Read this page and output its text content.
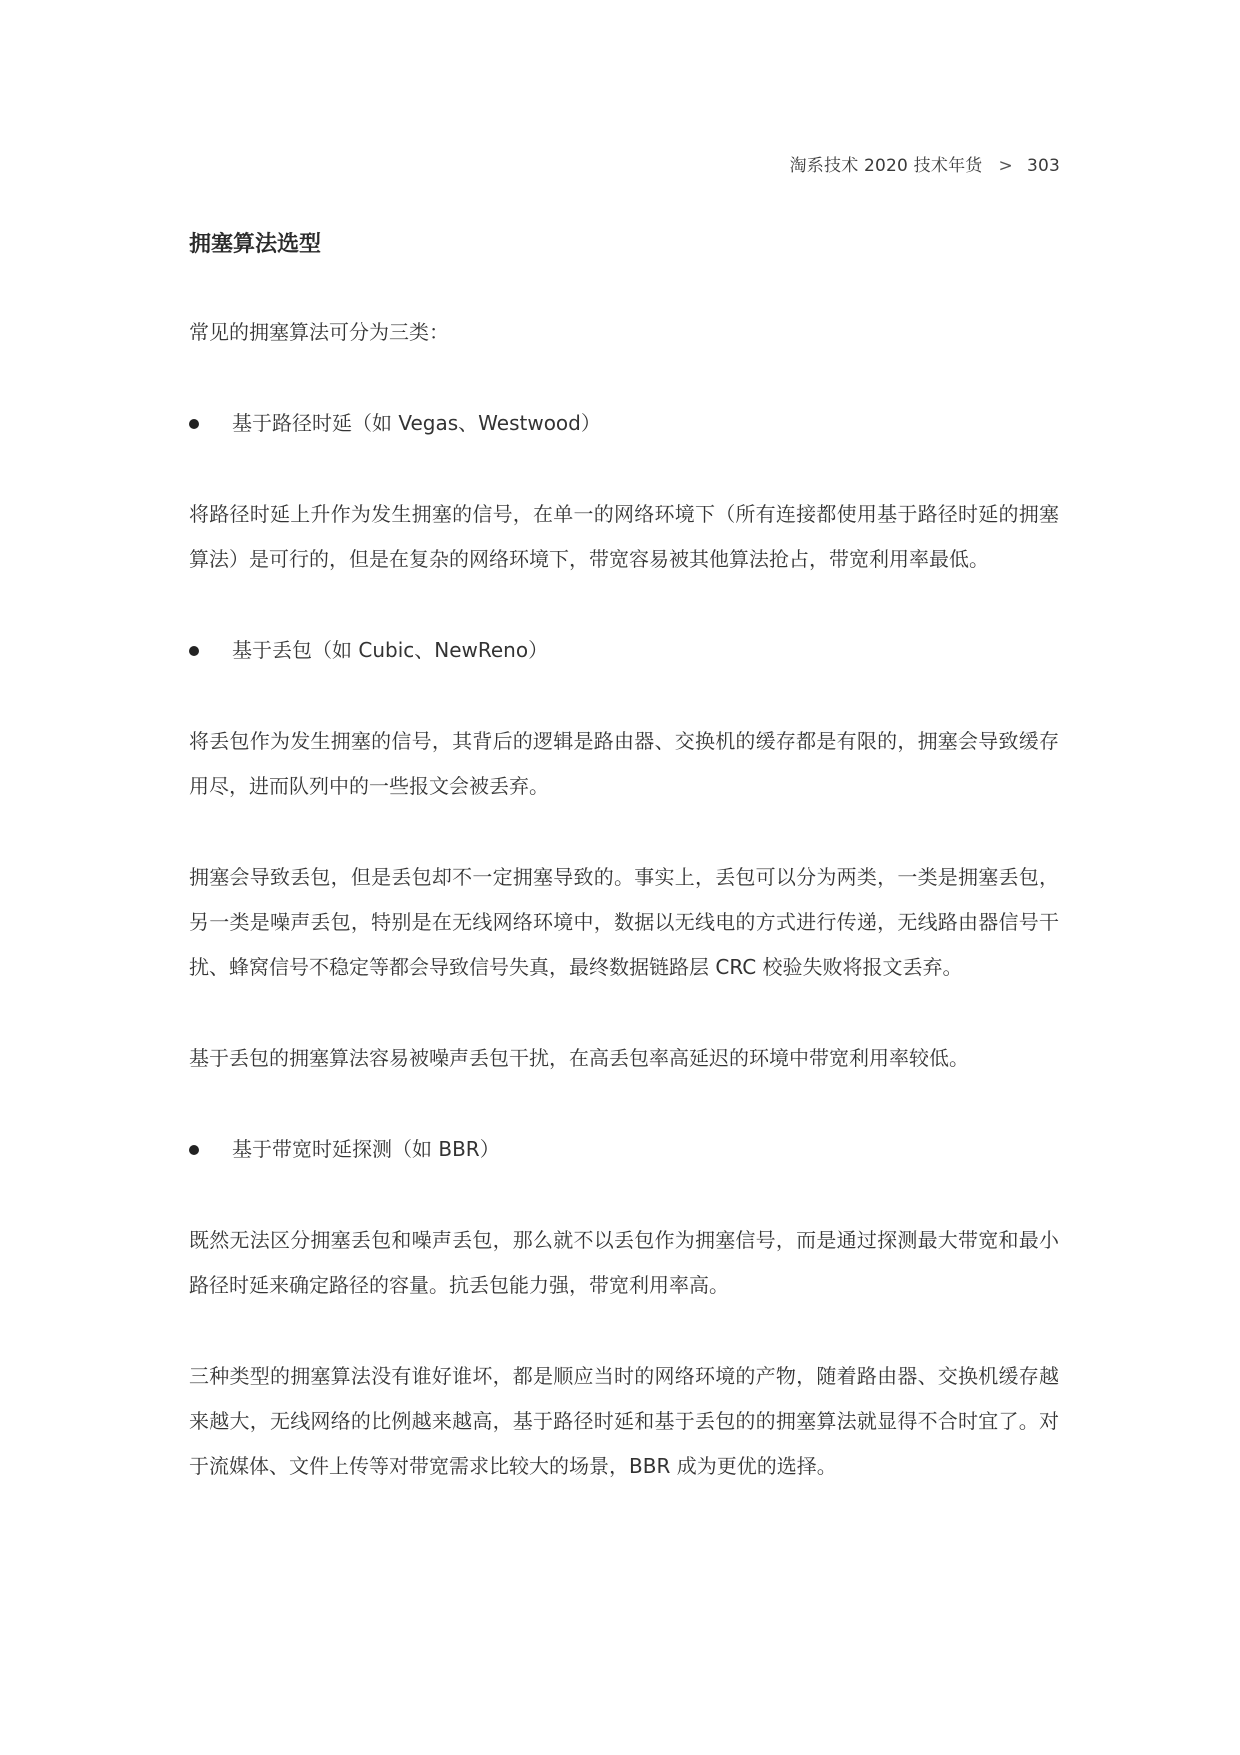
淘系技术 2020 技术年货 > 303
拥塞算法选型

常见的拥塞算法可分为三类：

基于路径时延（如 Vegas、Westwood）

将路径时延上升作为发生拥塞的信号，在单一的网络环境下（所有连接都使用基于路径时延的拥塞算法）是可行的，但是在复杂的网络环境下，带宽容易被其他算法抢占，带宽利用率最低。

基于丢包（如 Cubic、NewReno）

将丢包作为发生拥塞的信号，其背后的逻辑是路由器、交换机的缓存都是有限的，拥塞会导致缓存用尽，进而队列中的一些报文会被丢弃。

拥塞会导致丢包，但是丢包却不一定拥塞导致的。事实上，丢包可以分为两类，一类是拥塞丢包，另一类是噪声丢包，特别是在无线网络环境中，数据以无线电的方式进行传递，无线路由器信号干扰、蜂窝信号不稳定等都会导致信号失真，最终数据链路层 CRC 校验失败将报文丢弃。

基于丢包的拥塞算法容易被噪声丢包干扰，在高丢包率高延迟的环境中带宽利用率较低。

基于带宽时延探测（如 BBR）

既然无法区分拥塞丢包和噪声丢包，那么就不以丢包作为拥塞信号，而是通过探测最大带宽和最小路径时延来确定路径的容量。抗丢包能力强，带宽利用率高。

三种类型的拥塞算法没有谁好谁坏，都是顺应当时的网络环境的产物，随着路由器、交换机缓存越来越大，无线网络的比例越来越高，基于路径时延和基于丢包的的拥塞算法就显得不合时宜了。对于流媒体、文件上传等对带宽需求比较大的场景，BBR 成为更优的选择。
